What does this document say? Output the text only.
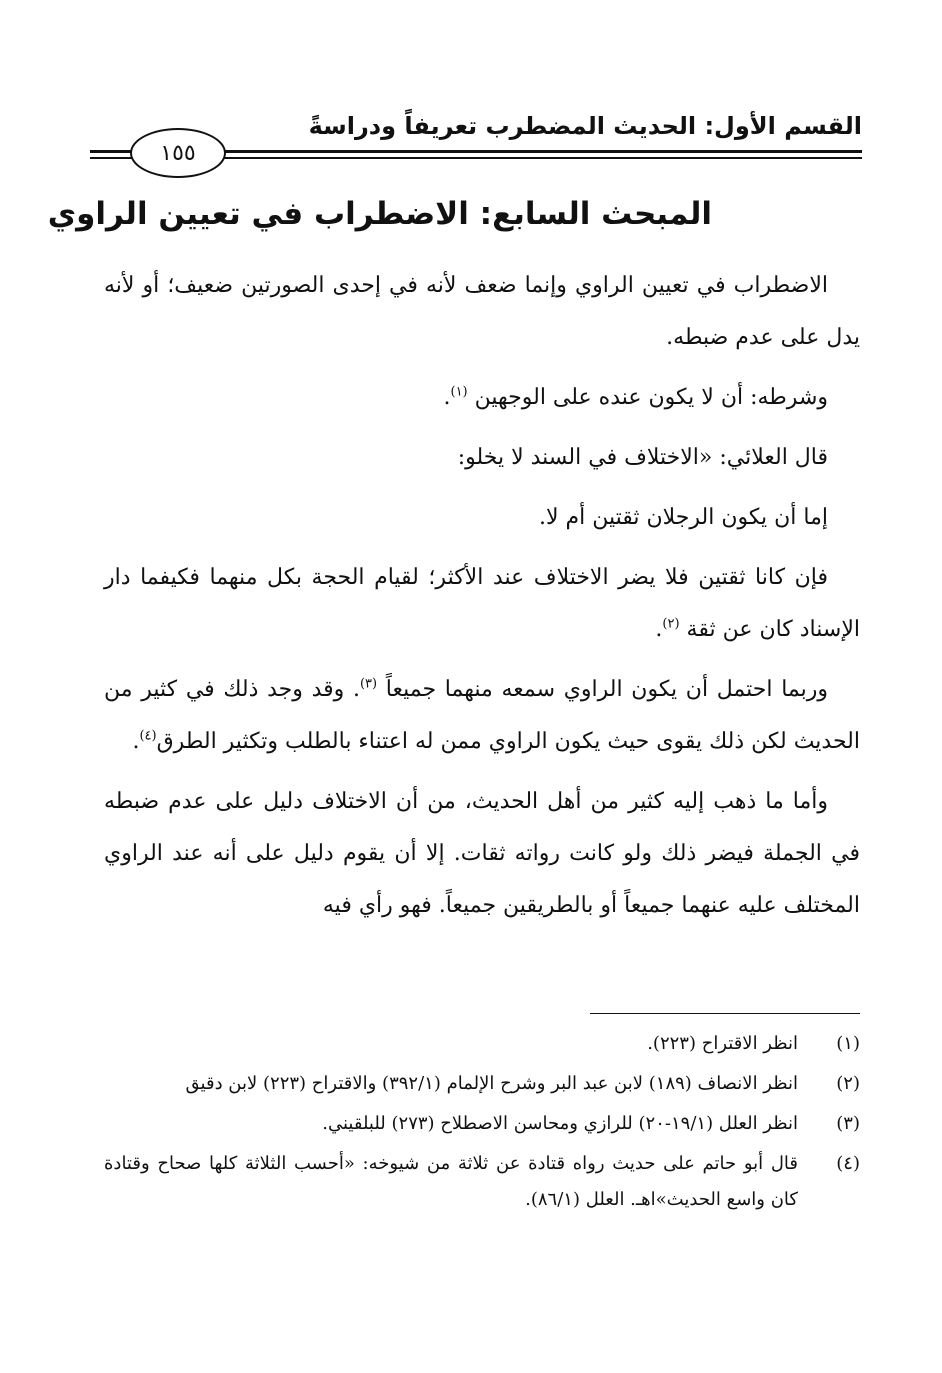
القسم الأول: الحديث المضطرب تعريفاً ودراسةً
١٥٥
المبحث السابع: الاضطراب في تعيين الراوي

الاضطراب في تعيين الراوي وإنما ضعف لأنه في إحدى الصورتين ضعيف؛ أو لأنه يدل على عدم ضبطه.

وشرطه: أن لا يكون عنده على الوجهين $^{(١)}$.

قال العلائي: «الاختلاف في السند لا يخلو:

إما أن يكون الرجلان ثقتين أم لا.

فإن كانا ثقتين فلا يضر الاختلاف عند الأكثر؛ لقيام الحجة بكل منهما فكيفما دار الإسناد كان عن ثقة $^{(٢)}$.

وربما احتمل أن يكون الراوي سمعه منهما جميعاً $^{(٣)}$. وقد وجد ذلك في كثير من الحديث لكن ذلك يقوى حيث يكون الراوي ممن له اعتناء بالطلب وتكثير الطرق$^{(٤)}$.

وأما ما ذهب إليه كثير من أهل الحديث، من أن الاختلاف دليل على عدم ضبطه في الجملة فيضر ذلك ولو كانت رواته ثقات. إلا أن يقوم دليل على أنه عند الراوي المختلف عليه عنهما جميعاً أو بالطريقين جميعاً. فهو رأي فيه

(١)
انظر الاقتراح (٢٢٣).
(٢)
انظر الانصاف (١٨٩) لابن عبد البر وشرح الإلمام (٣٩٢/١) والاقتراح (٢٢٣) لابن دقيق
(٣)
انظر العلل (١٩/١-٢٠) للرازي ومحاسن الاصطلاح (٢٧٣) للبلقيني.
(٤)
قال أبو حاتم على حديث رواه قتادة عن ثلاثة من شيوخه: «أحسب الثلاثة كلها صحاح وقتادة كان واسع الحديث»اهـ. العلل (٨٦/١).
